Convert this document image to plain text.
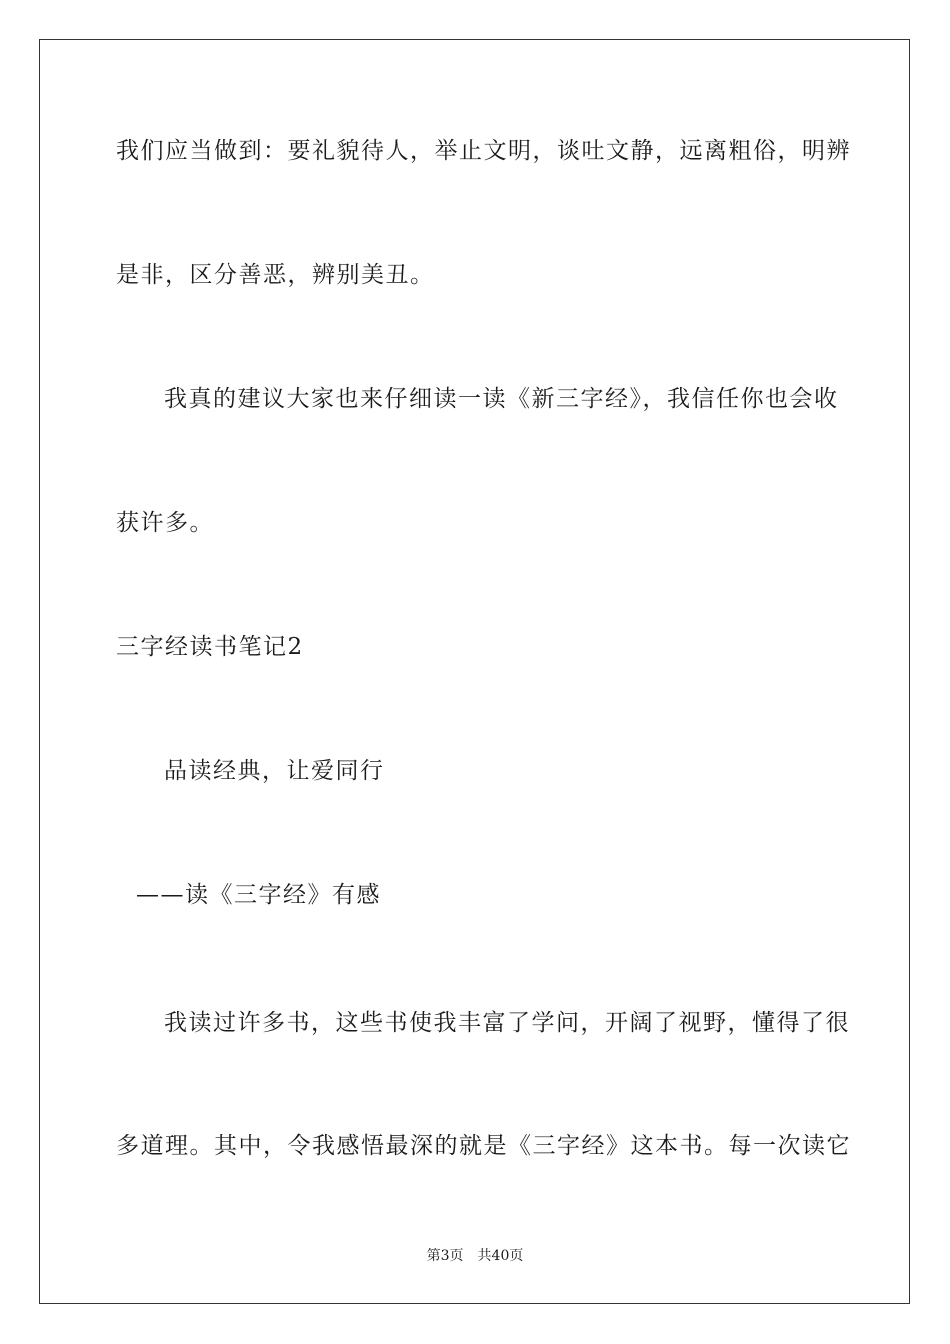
我们应当做到：要礼貌待人，举止文明，谈吐文静，远离粗俗，明辨
是非，区分善恶，辨别美丑。
我真的建议大家也来仔细读一读《新三字经》，我信任你也会收
获许多。
三字经读书笔记2
品读经典，让爱同行
——读《三字经》有感
我读过许多书，这些书使我丰富了学问，开阔了视野，懂得了很
多道理。其中，令我感悟最深的就是《三字经》这本书。每一次读它
第3页 共40页
